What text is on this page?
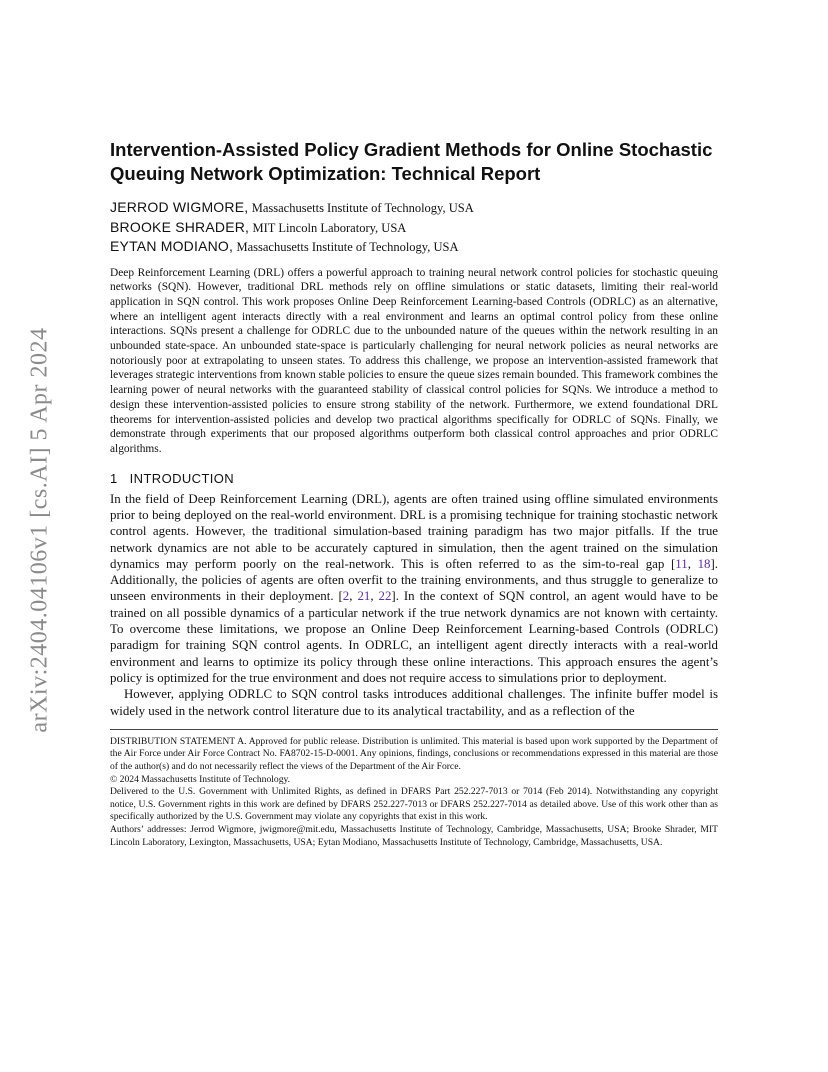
arXiv:2404.04106v1 [cs.AI] 5 Apr 2024
Intervention-Assisted Policy Gradient Methods for Online Stochastic Queuing Network Optimization: Technical Report
JERROD WIGMORE, Massachusetts Institute of Technology, USA
BROOKE SHRADER, MIT Lincoln Laboratory, USA
EYTAN MODIANO, Massachusetts Institute of Technology, USA

Deep Reinforcement Learning (DRL) offers a powerful approach to training neural network control policies for stochastic queuing networks (SQN). However, traditional DRL methods rely on offline simulations or static datasets, limiting their real-world application in SQN control. This work proposes Online Deep Reinforcement Learning-based Controls (ODRLC) as an alternative, where an intelligent agent interacts directly with a real environment and learns an optimal control policy from these online interactions. SQNs present a challenge for ODRLC due to the unbounded nature of the queues within the network resulting in an unbounded state-space. An unbounded state-space is particularly challenging for neural network policies as neural networks are notoriously poor at extrapolating to unseen states. To address this challenge, we propose an intervention-assisted framework that leverages strategic interventions from known stable policies to ensure the queue sizes remain bounded. This framework combines the learning power of neural networks with the guaranteed stability of classical control policies for SQNs. We introduce a method to design these intervention-assisted policies to ensure strong stability of the network. Furthermore, we extend foundational DRL theorems for intervention-assisted policies and develop two practical algorithms specifically for ODRLC of SQNs. Finally, we demonstrate through experiments that our proposed algorithms outperform both classical control approaches and prior ODRLC algorithms.

1 INTRODUCTION

In the field of Deep Reinforcement Learning (DRL), agents are often trained using offline simulated environments prior to being deployed on the real-world environment. DRL is a promising technique for training stochastic network control agents. However, the traditional simulation-based training paradigm has two major pitfalls. If the true network dynamics are not able to be accurately captured in simulation, then the agent trained on the simulation dynamics may perform poorly on the real-network. This is often referred to as the sim-to-real gap [11, 18]. Additionally, the policies of agents are often overfit to the training environments, and thus struggle to generalize to unseen environments in their deployment. [2, 21, 22]. In the context of SQN control, an agent would have to be trained on all possible dynamics of a particular network if the true network dynamics are not known with certainty. To overcome these limitations, we propose an Online Deep Reinforcement Learning-based Controls (ODRLC) paradigm for training SQN control agents. In ODRLC, an intelligent agent directly interacts with a real-world environment and learns to optimize its policy through these online interactions. This approach ensures the agent’s policy is optimized for the true environment and does not require access to simulations prior to deployment.

However, applying ODRLC to SQN control tasks introduces additional challenges. The infinite buffer model is widely used in the network control literature due to its analytical tractability, and as a reflection of the

DISTRIBUTION STATEMENT A. Approved for public release. Distribution is unlimited. This material is based upon work supported by the Department of the Air Force under Air Force Contract No. FA8702-15-D-0001. Any opinions, findings, conclusions or recommendations expressed in this material are those of the author(s) and do not necessarily reflect the views of the Department of the Air Force.

© 2024 Massachusetts Institute of Technology.

Delivered to the U.S. Government with Unlimited Rights, as defined in DFARS Part 252.227-7013 or 7014 (Feb 2014). Notwithstanding any copyright notice, U.S. Government rights in this work are defined by DFARS 252.227-7013 or DFARS 252.227-7014 as detailed above. Use of this work other than as specifically authorized by the U.S. Government may violate any copyrights that exist in this work.

Authors’ addresses: Jerrod Wigmore, jwigmore@mit.edu, Massachusetts Institute of Technology, Cambridge, Massachusetts, USA; Brooke Shrader, MIT Lincoln Laboratory, Lexington, Massachusetts, USA; Eytan Modiano, Massachusetts Institute of Technology, Cambridge, Massachusetts, USA.
